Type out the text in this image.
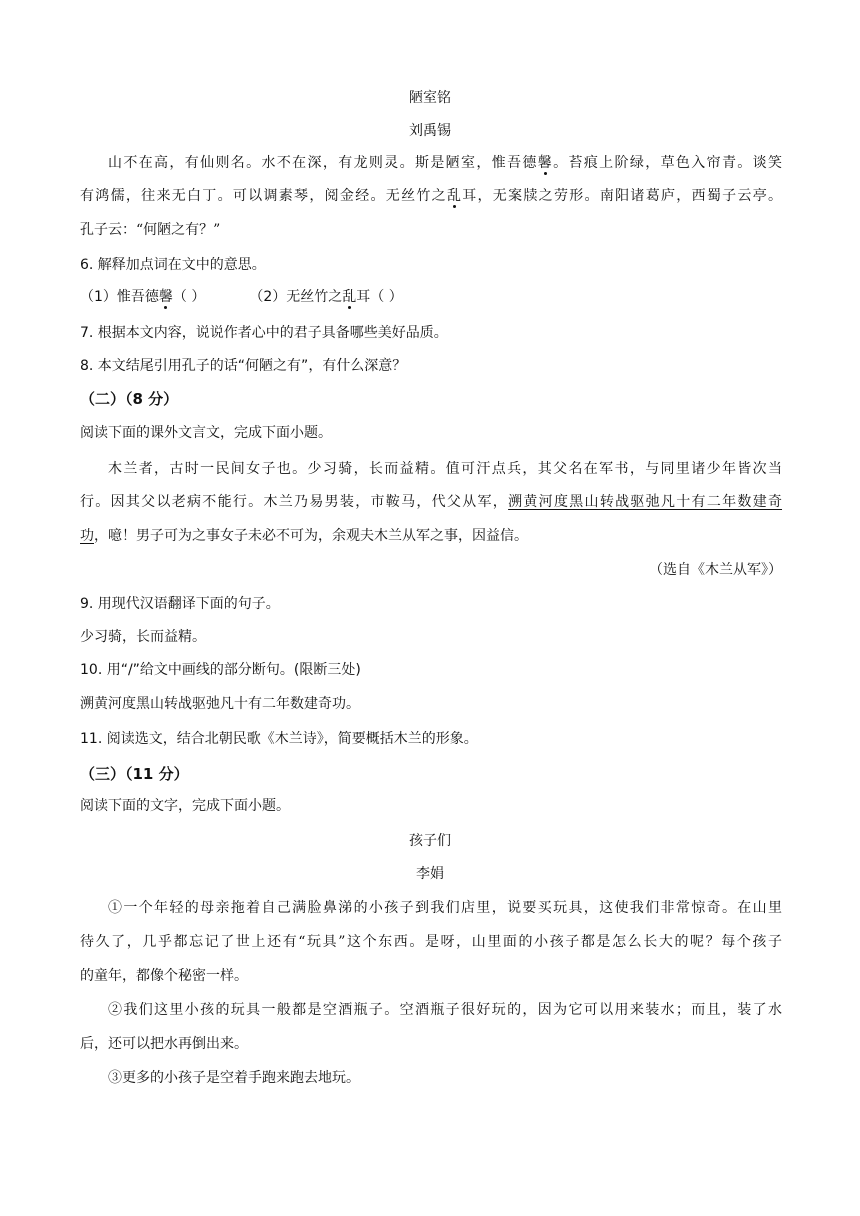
陋室铭
刘禹锡
山不在高，有仙则名。水不在深，有龙则灵。斯是陋室，惟吾德馨。苔痕上阶绿，草色入帘青。谈笑
有鸿儒，往来无白丁。可以调素琴，阅金经。无丝竹之乱耳，无案牍之劳形。南阳诸葛庐，西蜀子云亭。
孔子云：“何陋之有？”
6. 解释加点词在文中的意思。
（1）惟吾德馨（ ）	（2）无丝竹之乱耳（ ）
7. 根据本文内容，说说作者心中的君子具备哪些美好品质。
8. 本文结尾引用孔子的话“何陋之有”，有什么深意？
（二）（8 分）
阅读下面的课外文言文，完成下面小题。
木兰者，古时一民间女子也。少习骑，长而益精。值可汗点兵，其父名在军书，与同里诸少年皆次当
行。因其父以老病不能行。木兰乃易男装，市鞍马，代父从军，溯黄河度黑山转战驱弛凡十有二年数建奇
功，噫！男子可为之事女子未必不可为，余观夫木兰从军之事，因益信。
（选自《木兰从军》）
9. 用现代汉语翻译下面的句子。
少习骑，长而益精。
10. 用“/”给文中画线的部分断句。(限断三处)
溯黄河度黑山转战驱弛凡十有二年数建奇功。
11. 阅读选文，结合北朝民歌《木兰诗》，简要概括木兰的形象。
（三）（11 分）
阅读下面的文字，完成下面小题。
孩子们
李娟
①一个年轻的母亲拖着自己满脸鼻涕的小孩子到我们店里，说要买玩具，这使我们非常惊奇。在山里
待久了，几乎都忘记了世上还有“玩具”这个东西。是呀，山里面的小孩子都是怎么长大的呢？每个孩子
的童年，都像个秘密一样。
②我们这里小孩的玩具一般都是空酒瓶子。空酒瓶子很好玩的，因为它可以用来装水；而且，装了水
后，还可以把水再倒出来。
③更多的小孩子是空着手跑来跑去地玩。
